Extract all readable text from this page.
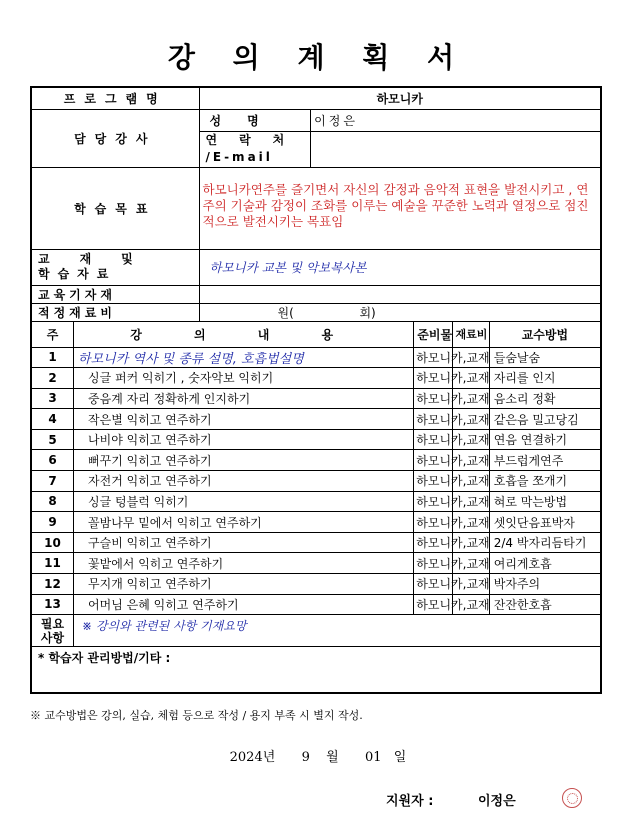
강 의 계 획 서
프로그램명		하모니카				
담당강사		성명	이정은			

		연락처
/E-mail				

학습목표		하모니카연주를 즐기면서 자신의 감정과 음악적 표현을 발전시키고 , 연주의 기술과 감정이 조화를 이루는 예술을 꾸준한 노력과 열정으로 점진적으로 발전시키는 목표임				

교재및
학습자료		하모니카 교본 및 악보복사본				
교육기자재						
적정재료비		원( 회)				
주	강 의 내 용			준비물	재료비	교수방법
1	하모니카 역사 및 종류 설명, 호흡법설명			하모니카,교재		들숨날숨
2	싱글 퍼커 익히기 , 숫자악보 익히기			하모니카,교재		자리를 인지
3	중음계 자리 정확하게 인지하기			하모니카,교재		음소리 정확
4	작은별 익히고 연주하기			하모니카,교재		같은음 밀고당김
5	나비야 익히고 연주하기			하모니카,교재		연음 연결하기
6	뻐꾸기 익히고 연주하기			하모니카,교재		부드럽게연주
7	자전거 익히고 연주하기			하모니카,교재		호흡을 쪼개기
8	싱글 텅블럭 익히기			하모니카,교재		혀로 막는방법
9	꼴밤나무 밑에서 익히고 연주하기			하모니카,교재		셋잇단음표박자
10	구슬비 익히고 연주하기			하모니카,교재		2/4 박자리듬타기
11	꽃밭에서 익히고 연주하기			하모니카,교재		여리게호흡
12	무지개 익히고 연주하기			하모니카,교재		박자주의
13	어머님 은혜 익히고 연주하기			하모니카,교재		잔잔한호흡

필요
사항	※ 강의와 관련된 사항 기재요망					
* 학습자 관리방법/기타 :						
※ 교수방법은 강의, 실습, 체험 등으로 작성 / 용지 부족 시 별지 작성.
2024년 9 월 01 일
지원자 :	이정은
